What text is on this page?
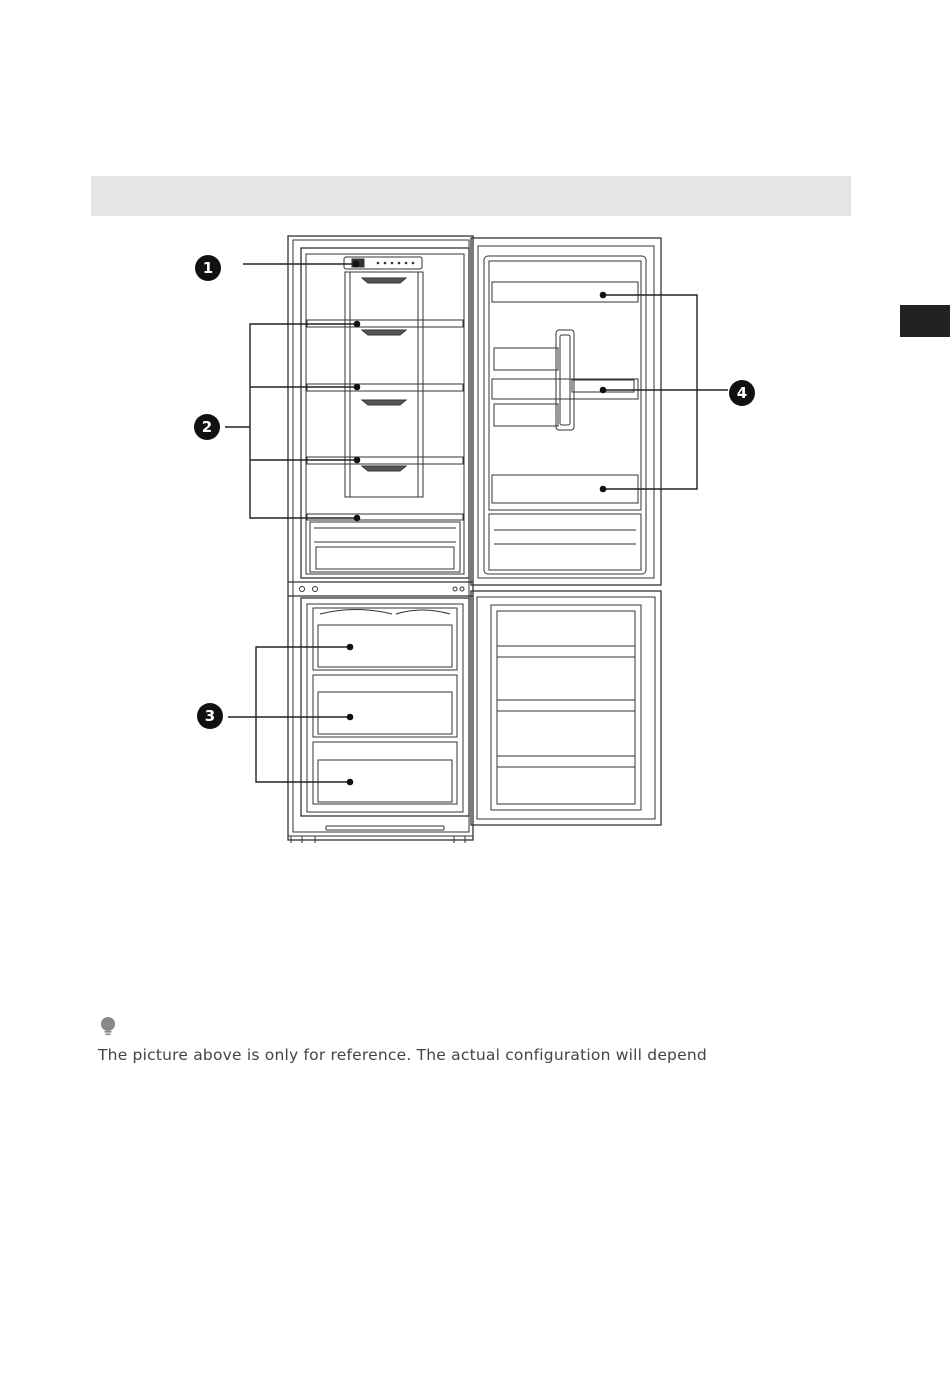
1
2
3
4
The picture above is only for reference. The actual configuration will depend
